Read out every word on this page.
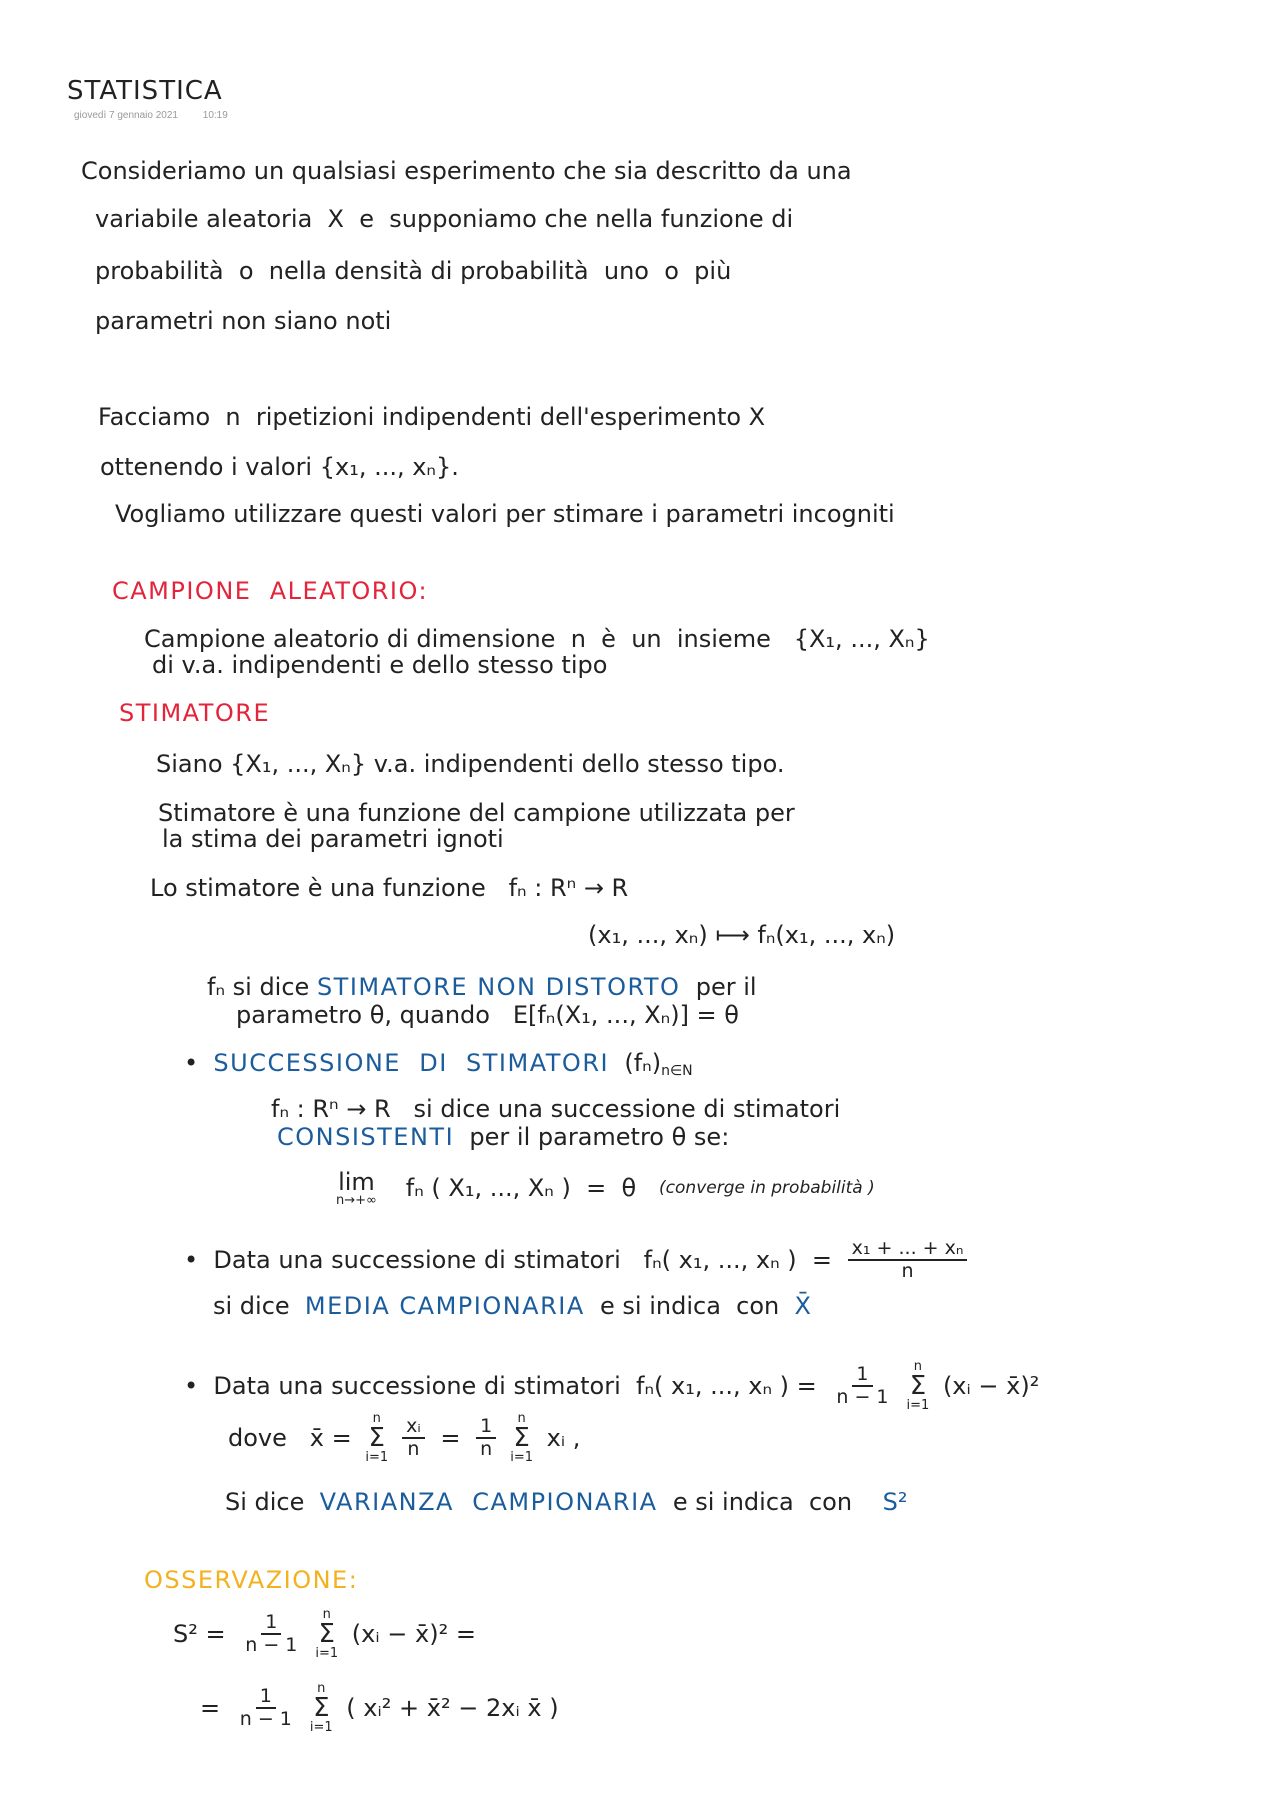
STATISTICA
giovedì 7 gennaio 2021 10:19
Consideriamo un qualsiasi esperimento che sia descritto da una
variabile aleatoria  X  e  supponiamo che nella funzione di
probabilità  o  nella densità di probabilità  uno  o  più
parametri non siano noti
Facciamo  n  ripetizioni indipendenti dell'esperimento X
ottenendo i valori {x₁, ..., xₙ}.
Vogliamo utilizzare questi valori per stimare i parametri incogniti
CAMPIONE  ALEATORIO:
Campione aleatorio di dimensione  n  è  un  insieme   {X₁, ..., Xₙ}
di v.a. indipendenti e dello stesso tipo
STIMATORE
Siano {X₁, ..., Xₙ} v.a. indipendenti dello stesso tipo.
Stimatore è una funzione del campione utilizzata per
la stima dei parametri ignoti
Lo stimatore è una funzione   fₙ : Rⁿ → R
(x₁, ..., xₙ) ⟼ fₙ(x₁, ..., xₙ)
fₙ si dice STIMATORE NON DISTORTO per il
parametro θ, quando   E[fₙ(X₁, ..., Xₙ)] = θ
• SUCCESSIONE  DI  STIMATORI (fₙ) n∈N
fₙ : Rⁿ → R   si dice una successione di stimatori
CONSISTENTI per il parametro θ se:
lim
n→+∞ fₙ ( X₁, ..., Xₙ )  =  θ (converge in probabilità )
•  Data una successione di stimatori   fₙ( x₁, ..., xₙ )  = $\frac{\text{x₁ + ... + xₙ}}{n}$
si dice MEDIA CAMPIONARIA e si indica  con X̄
•  Data una successione di stimatori  fₙ( x₁, ..., xₙ ) = $\frac{1}{n - 1}$ n
Σ
i=1
(xᵢ − x̄)²
dove   x̄ =
n
Σ
$i=1 \frac{\text{xᵢ}}{n} = \frac{1}{n}$ n
Σ
i=1
xᵢ ,
Si dice VARIANZA  CAMPIONARIA e si indica  con S²
OSSERVAZIONE:
$S^2 = \frac{1}{n - 1}$ n
Σ
i=1
(xᵢ − x̄)² =
= $\frac{1}{n - 1}$ n
Σ
i=1
( xᵢ² + x̄² − 2xᵢ x̄ )
